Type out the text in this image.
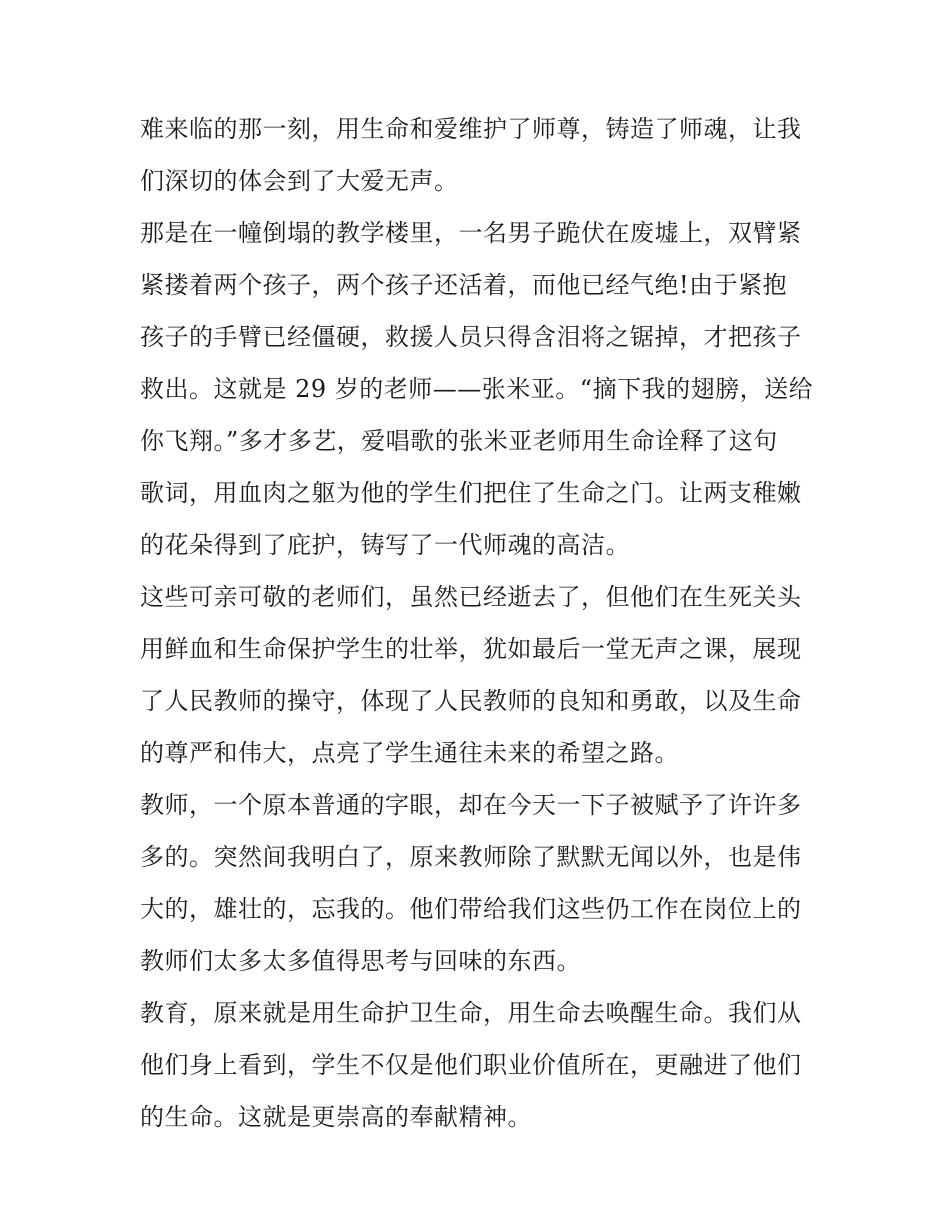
难来临的那一刻，用生命和爱维护了师尊，铸造了师魂，让我
们深切的体会到了大爱无声。
那是在一幢倒塌的教学楼里，一名男子跪伏在废墟上，双臂紧
紧搂着两个孩子，两个孩子还活着，而他已经气绝!由于紧抱
孩子的手臂已经僵硬，救援人员只得含泪将之锯掉，才把孩子
救出。这就是 29 岁的老师——张米亚。“摘下我的翅膀，送给
你飞翔。”多才多艺，爱唱歌的张米亚老师用生命诠释了这句
歌词，用血肉之躯为他的学生们把住了生命之门。让两支稚嫩
的花朵得到了庇护，铸写了一代师魂的高洁。
这些可亲可敬的老师们，虽然已经逝去了，但他们在生死关头
用鲜血和生命保护学生的壮举，犹如最后一堂无声之课，展现
了人民教师的操守，体现了人民教师的良知和勇敢，以及生命
的尊严和伟大，点亮了学生通往未来的希望之路。
教师，一个原本普通的字眼，却在今天一下子被赋予了许许多
多的。突然间我明白了，原来教师除了默默无闻以外，也是伟
大的，雄壮的，忘我的。他们带给我们这些仍工作在岗位上的
教师们太多太多值得思考与回味的东西。
教育，原来就是用生命护卫生命，用生命去唤醒生命。我们从
他们身上看到，学生不仅是他们职业价值所在，更融进了他们
的生命。这就是更崇高的奉献精神。
